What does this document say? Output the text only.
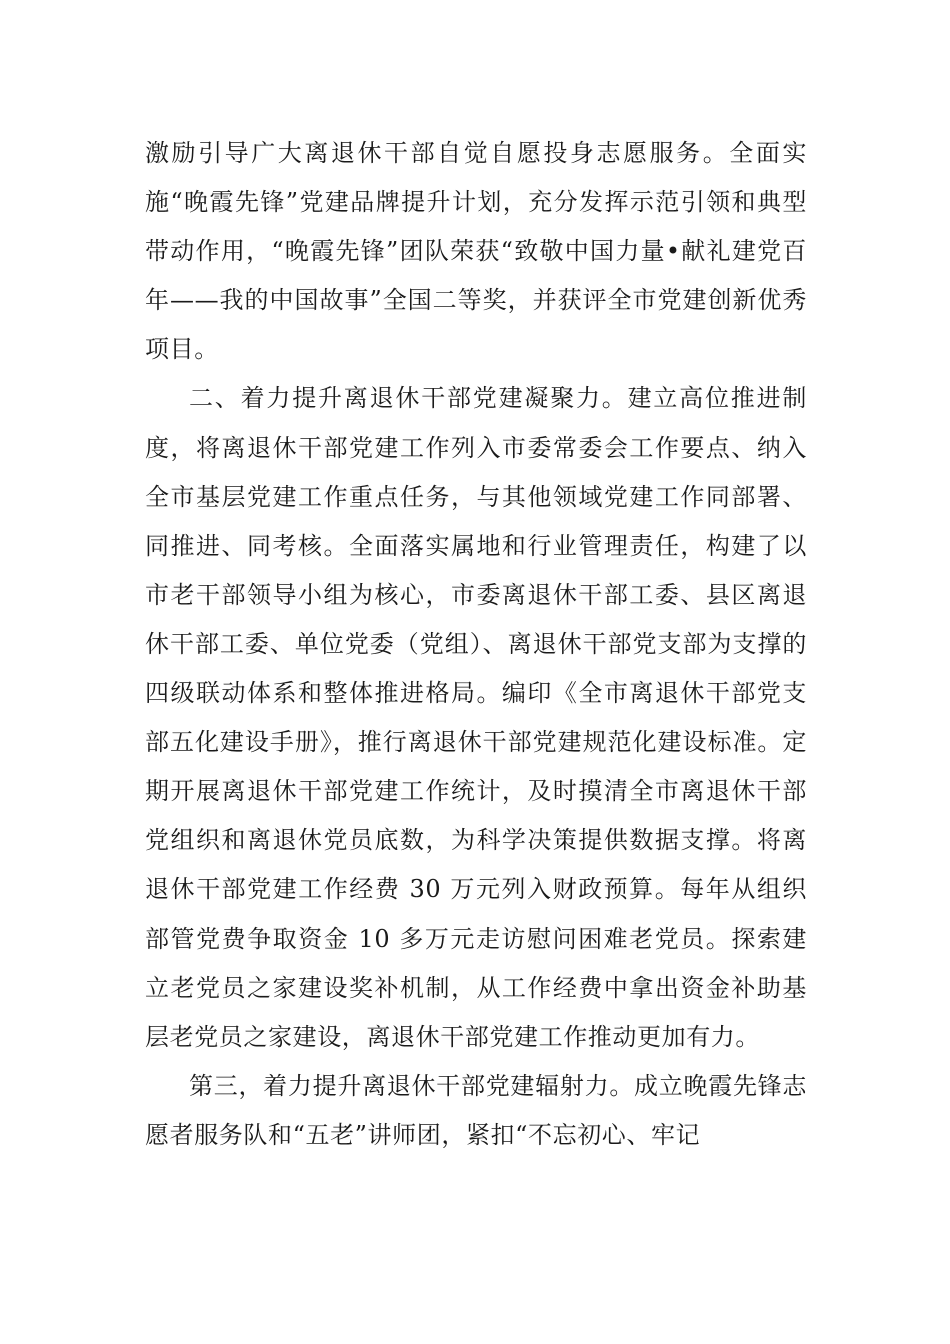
激励引导广大离退休干部自觉自愿投身志愿服务。全面实施“晚霞先锋”党建品牌提升计划，充分发挥示范引领和典型带动作用，“晚霞先锋”团队荣获“致敬中国力量•献礼建党百年——我的中国故事”全国二等奖，并获评全市党建创新优秀项目。

二、着力提升离退休干部党建凝聚力。建立高位推进制度，将离退休干部党建工作列入市委常委会工作要点、纳入全市基层党建工作重点任务，与其他领域党建工作同部署、同推进、同考核。全面落实属地和行业管理责任，构建了以市老干部领导小组为核心，市委离退休干部工委、县区离退休干部工委、单位党委（党组）、离退休干部党支部为支撑的四级联动体系和整体推进格局。编印《全市离退休干部党支部五化建设手册》，推行离退休干部党建规范化建设标准。定期开展离退休干部党建工作统计，及时摸清全市离退休干部党组织和离退休党员底数，为科学决策提供数据支撑。将离退休干部党建工作经费 30 万元列入财政预算。每年从组织部管党费争取资金 10 多万元走访慰问困难老党员。探索建立老党员之家建设奖补机制，从工作经费中拿出资金补助基层老党员之家建设，离退休干部党建工作推动更加有力。

第三，着力提升离退休干部党建辐射力。成立晚霞先锋志愿者服务队和“五老”讲师团，紧扣“不忘初心、牢记
